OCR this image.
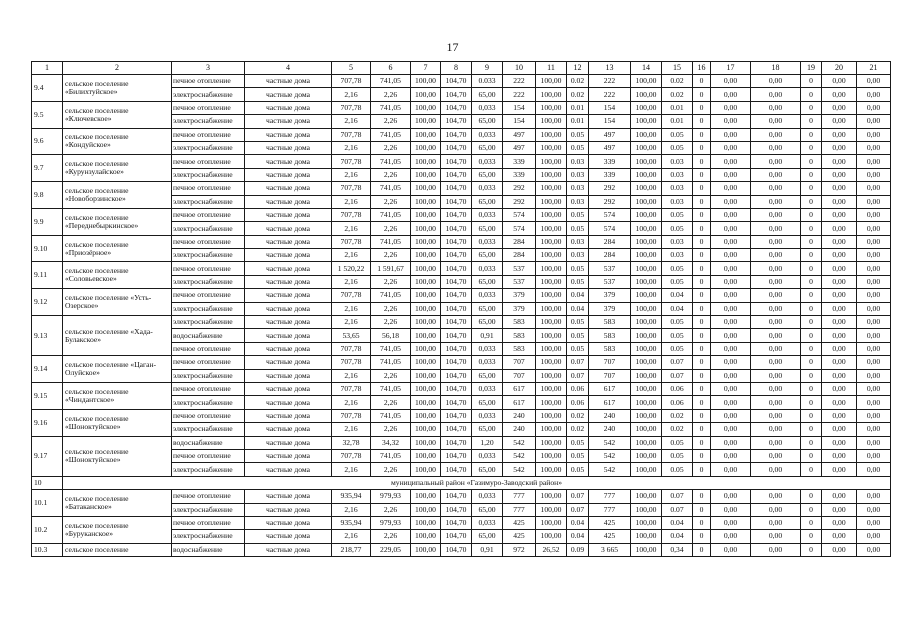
17
1	2	3	4	5	6	7	8	9	10	11	12	13	14	15	16	17	18	19	20	21
9.4	сельское поселение «Билихтуйское»	печное отопление	частные дома	707,78	741,05	100,00	104,70	0.033	222	100,00	0.02	222	100,00	0.02	0	0,00	0,00	0	0,00	0,00
		электроснабжение	частные дома	2,16	2,26	100,00	104,70	65,00	222	100,00	0.02	222	100,00	0.02	0	0,00	0,00	0	0,00	0,00
9.5	сельское поселение «Ключевское»	печное отопление	частные дома	707,78	741,05	100,00	104,70	0,033	154	100,00	0.01	154	100,00	0.01	0	0,00	0,00	0	0,00	0,00
		электроснабжение	частные дома	2,16	2,26	100,00	104,70	65,00	154	100,00	0.01	154	100,00	0.01	0	0,00	0,00	0	0,00	0,00
9.6	сельское поселение «Кондуйское»	печное отопление	частные дома	707,78	741,05	100,00	104,70	0,033	497	100,00	0.05	497	100,00	0.05	0	0,00	0,00	0	0,00	0,00
		электроснабжение	частные дома	2,16	2,26	100,00	104,70	65,00	497	100,00	0.05	497	100,00	0.05	0	0,00	0,00	0	0,00	0,00
9.7	сельское поселение «Курунзулайское»	печное отопление	частные дома	707,78	741,05	100,00	104,70	0,033	339	100,00	0.03	339	100,00	0.03	0	0,00	0,00	0	0,00	0,00
		электроснабжение	частные дома	2,16	2,26	100,00	104,70	65,00	339	100,00	0.03	339	100,00	0.03	0	0,00	0,00	0	0,00	0,00
9.8	сельское поселение «Новоборзинское»	печное отопление	частные дома	707,78	741,05	100,00	104,70	0,033	292	100,00	0.03	292	100,00	0.03	0	0,00	0,00	0	0,00	0,00
		электроснабжение	частные дома	2,16	2,26	100,00	104,70	65,00	292	100,00	0.03	292	100,00	0.03	0	0,00	0,00	0	0,00	0,00
9.9	сельское поселение «Переднебыркинское»	печное отопление	частные дома	707,78	741,05	100,00	104,70	0,033	574	100,00	0.05	574	100,00	0.05	0	0,00	0,00	0	0,00	0,00
		электроснабжение	частные дома	2,16	2,26	100,00	104,70	65,00	574	100,00	0.05	574	100,00	0.05	0	0,00	0,00	0	0,00	0,00
9.10	сельское поселение «Приозёрное»	печное отопление	частные дома	707,78	741,05	100,00	104,70	0,033	284	100,00	0.03	284	100,00	0.03	0	0,00	0,00	0	0,00	0,00
		электроснабжение	частные дома	2,16	2,26	100,00	104,70	65,00	284	100,00	0.03	284	100,00	0.03	0	0,00	0,00	0	0,00	0,00
9.11	сельское поселение «Соловьевское»	печное отопление	частные дома	1 520,22	1 591,67	100,00	104,70	0,033	537	100,00	0.05	537	100,00	0.05	0	0,00	0,00	0	0,00	0,00
		электроснабжение	частные дома	2,16	2,26	100,00	104,70	65,00	537	100,00	0.05	537	100,00	0.05	0	0,00	0,00	0	0,00	0,00
9.12	сельское поселение «Усть-Озерское»	печное отопление	частные дома	707,78	741,05	100,00	104,70	0,033	379	100,00	0.04	379	100,00	0.04	0	0,00	0,00	0	0,00	0,00
		электроснабжение	частные дома	2,16	2,26	100,00	104,70	65,00	379	100,00	0.04	379	100,00	0.04	0	0,00	0,00	0	0,00	0,00
9.13	сельское поселение «Хада-Булакское»	электроснабжение	частные дома	2,16	2,26	100,00	104,70	65,00	583	100,00	0.05	583	100,00	0.05	0	0,00	0,00	0	0,00	0,00
		водоснабжение	частные дома	53,65	56,18	100,00	104,70	0,91	583	100,00	0.05	583	100,00	0.05	0	0,00	0,00	0	0,00	0,00
		печное отопление	частные дома	707,78	741,05	100,00	104,70	0,033	583	100,00	0.05	583	100,00	0.05	0	0,00	0,00	0	0,00	0,00
9.14	сельское поселение «Цаган-Олуйское»	печное отопление	частные дома	707,78	741,05	100,00	104,70	0,033	707	100,00	0.07	707	100,00	0.07	0	0,00	0,00	0	0,00	0,00
		электроснабжение	частные дома	2,16	2,26	100,00	104,70	65,00	707	100,00	0.07	707	100,00	0.07	0	0,00	0,00	0	0,00	0,00
9.15	сельское поселение «Чиндантское»	печное отопление	частные дома	707,78	741,05	100,00	104,70	0,033	617	100,00	0.06	617	100,00	0.06	0	0,00	0,00	0	0,00	0,00
		электроснабжение	частные дома	2,16	2,26	100,00	104,70	65,00	617	100,00	0.06	617	100,00	0.06	0	0,00	0,00	0	0,00	0,00
9.16	сельское поселение «Шоноктуйское»	печное отопление	частные дома	707,78	741,05	100,00	104,70	0,033	240	100,00	0.02	240	100,00	0.02	0	0,00	0,00	0	0,00	0,00
		электроснабжение	частные дома	2,16	2,26	100,00	104,70	65,00	240	100,00	0.02	240	100,00	0.02	0	0,00	0,00	0	0,00	0,00
9.17	сельское поселение «Шоноктуйское»	водоснабжение	частные дома	32,78	34,32	100,00	104,70	1,20	542	100,00	0.05	542	100,00	0.05	0	0,00	0,00	0	0,00	0,00
		печное отопление	частные дома	707,78	741,05	100,00	104,70	0,033	542	100,00	0.05	542	100,00	0.05	0	0,00	0,00	0	0,00	0,00
		электроснабжение	частные дома	2,16	2,26	100,00	104,70	65,00	542	100,00	0.05	542	100,00	0.05	0	0,00	0,00	0	0,00	0,00
10	муниципальный район «Газимуро-Заводский район»																			
10.1	сельское поселение «Батаканское»	печное отопление	частные дома	935,94	979,93	100,00	104,70	0,033	777	100,00	0.07	777	100,00	0.07	0	0,00	0,00	0	0,00	0,00
		электроснабжение	частные дома	2,16	2,26	100,00	104,70	65,00	777	100,00	0.07	777	100,00	0.07	0	0,00	0,00	0	0,00	0,00
10.2	сельское поселение «Буруканское»	печное отопление	частные дома	935,94	979,93	100,00	104,70	0,033	425	100,00	0.04	425	100,00	0.04	0	0,00	0,00	0	0,00	0,00
		электроснабжение	частные дома	2,16	2,26	100,00	104,70	65,00	425	100,00	0.04	425	100,00	0.04	0	0,00	0,00	0	0,00	0,00
10.3	сельское поселение	водоснабжение	частные дома	218,77	229,05	100,00	104,70	0,91	972	26,52	0.09	3 665	100,00	0,34	0	0,00	0,00	0	0,00	0,00
